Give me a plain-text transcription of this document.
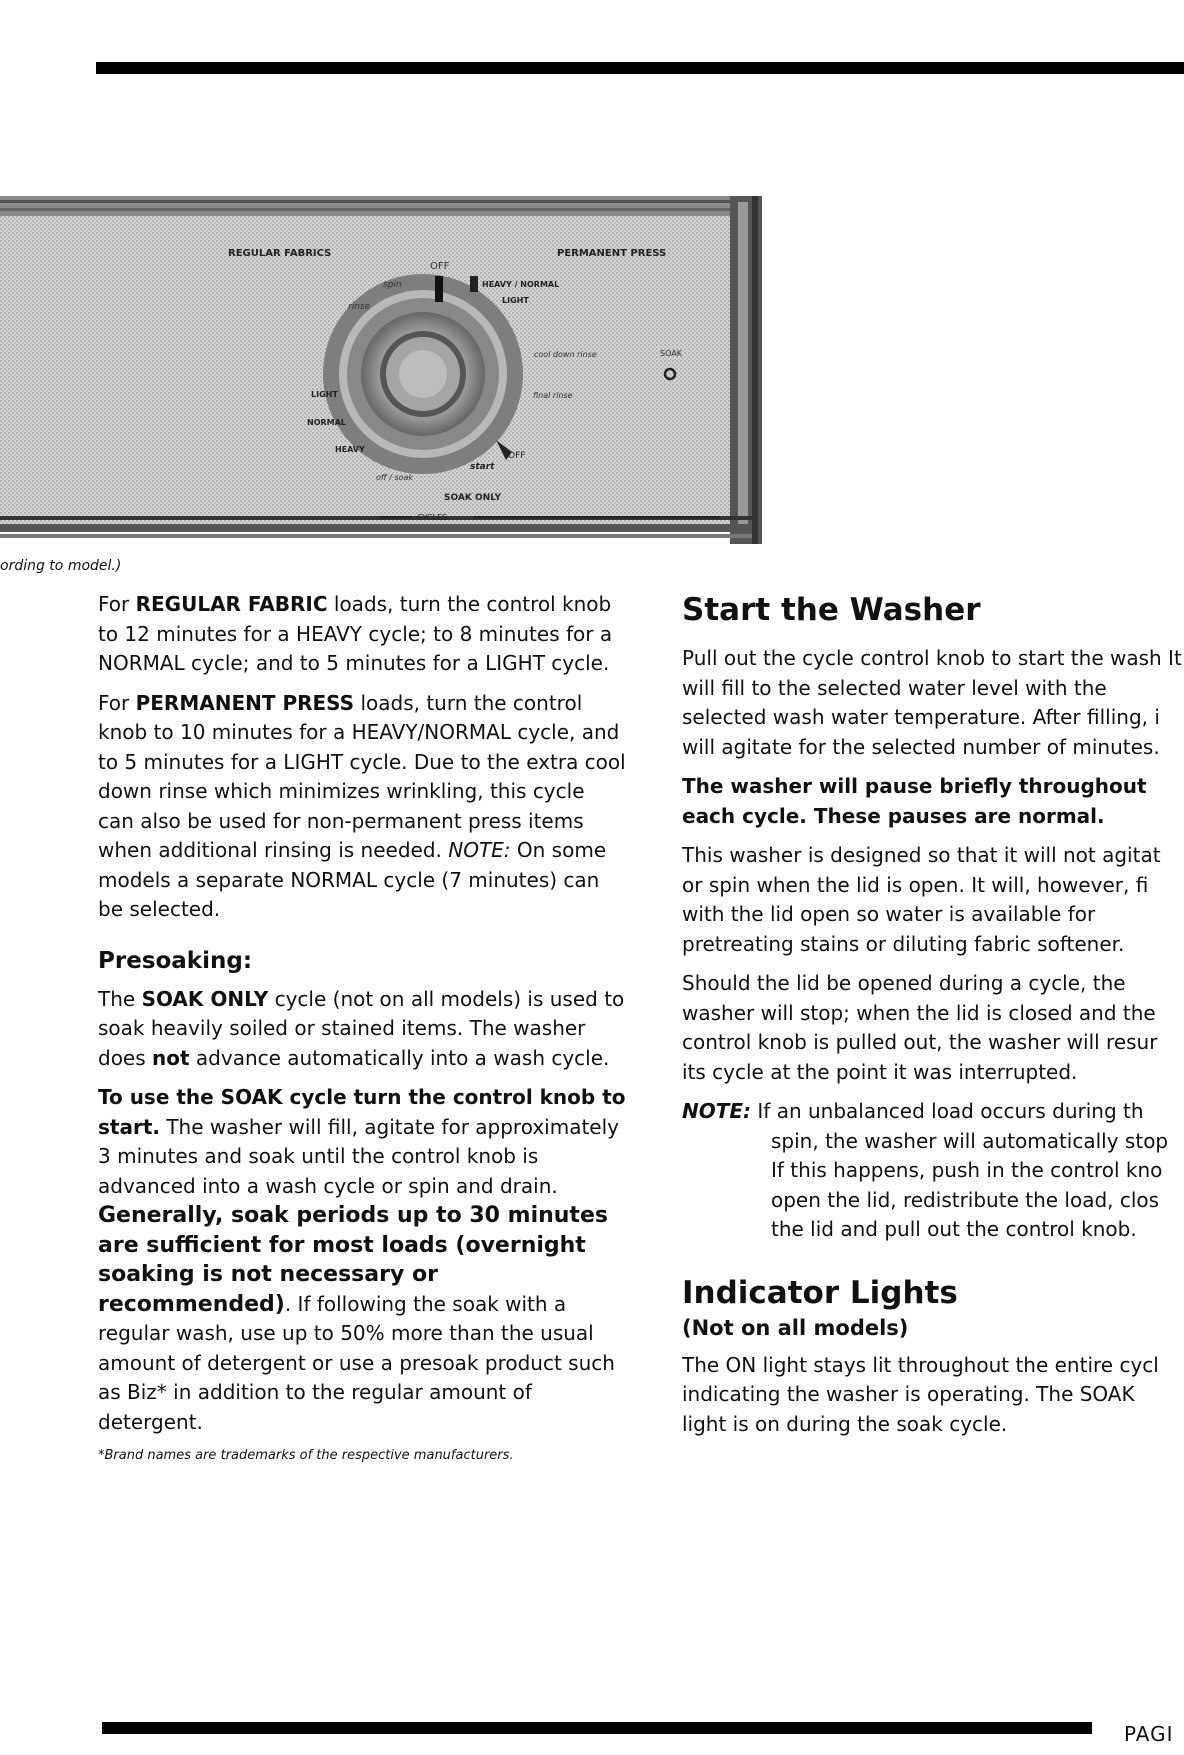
REGULAR FABRICS	PERMANENT PRESS
OFF
spin
rinse
HEAVY / NORMAL
LIGHT
cool down rinse
final rinse
SOAK
LIGHT
NORMAL
HEAVY
off / soak
start
OFF
SOAK ONLY
CYCLES
ording to model.)

For REGULAR FABRIC loads, turn the control knob to 12 minutes for a HEAVY cycle; to 8 minutes for a NORMAL cycle; and to 5 minutes for a LIGHT cycle.

For PERMANENT PRESS loads, turn the control knob to 10 minutes for a HEAVY/NORMAL cycle, and to 5 minutes for a LIGHT cycle. Due to the extra cool down rinse which minimizes wrinkling, this cycle can also be used for non-permanent press items when additional rinsing is needed. NOTE: On some models a separate NORMAL cycle (7 minutes) can be selected.

Presoaking:

The SOAK ONLY cycle (not on all models) is used to soak heavily soiled or stained items. The washer does not advance automatically into a wash cycle.

To use the SOAK cycle turn the control knob to start. The washer will fill, agitate for approximately 3 minutes and soak until the control knob is advanced into a wash cycle or spin and drain. Generally, soak periods up to 30 minutes are sufficient for most loads (overnight soaking is not necessary or recommended). If following the soak with a regular wash, use up to 50% more than the usual amount of detergent or use a presoak product such as Biz* in addition to the regular amount of detergent.

*Brand names are trademarks of the respective manufacturers.

Start the Washer

Pull out the cycle control knob to start the wash It will fill to the selected water level with the selected wash water temperature. After filling, i will agitate for the selected number of minutes.

The washer will pause briefly throughout each cycle. These pauses are normal.

This washer is designed so that it will not agitat or spin when the lid is open. It will, however, fi with the lid open so water is available for pretreating stains or diluting fabric softener.

Should the lid be opened during a cycle, the washer will stop; when the lid is closed and the control knob is pulled out, the washer will resur its cycle at the point it was interrupted.

NOTE: If an unbalanced load occurs during th spin, the washer will automatically stop If this happens, push in the control kno open the lid, redistribute the load, clos the lid and pull out the control knob.

Indicator Lights
(Not on all models)

The ON light stays lit throughout the entire cycl indicating the washer is operating. The SOAK light is on during the soak cycle.

PAGI
